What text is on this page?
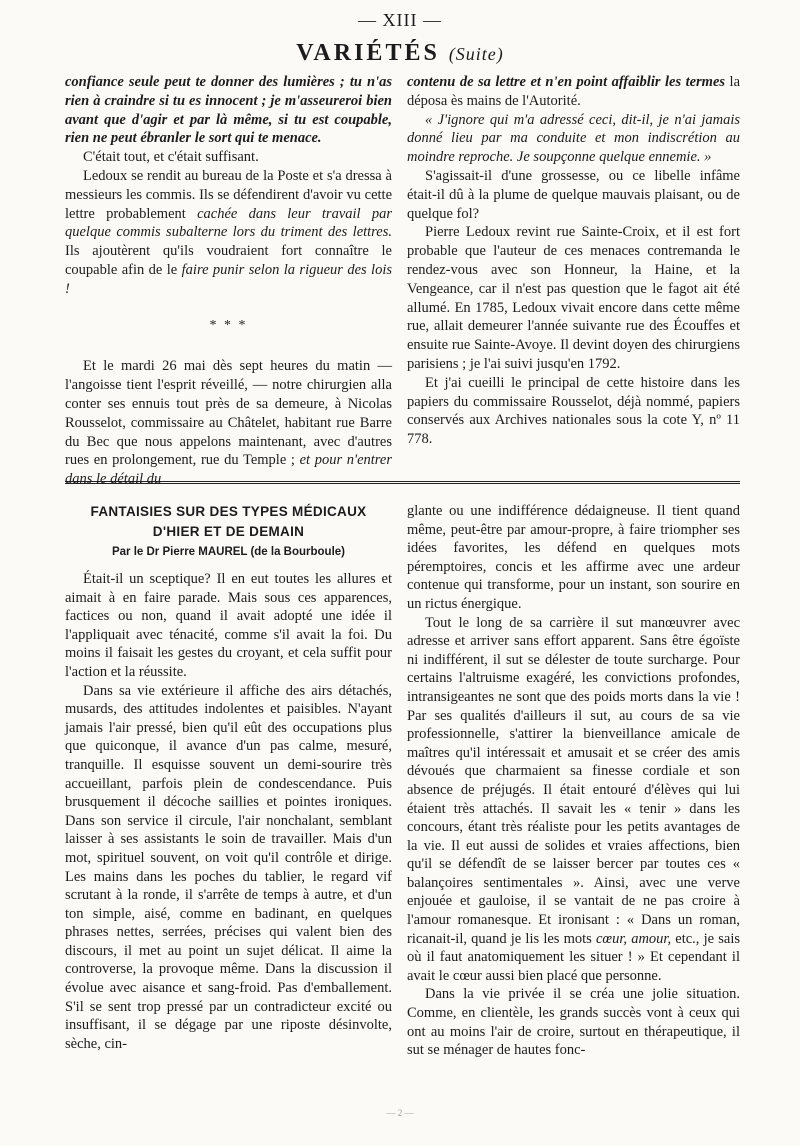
— XIII —
VARIÉTÉS (Suite)

confiance seule peut te donner des lumières ; tu n'as rien à craindre si tu es innocent ; je m'asseureroi bien avant que d'agir et par là même, si tu est coupable, rien ne peut ébranler le sort qui te menace.

C'était tout, et c'était suffisant.

Ledoux se rendit au bureau de la Poste et s'a dressa à messieurs les commis. Ils se défendirent d'avoir vu cette lettre probablement cachée dans leur travail par quelque commis subalterne lors du triment des lettres. Ils ajoutèrent qu'ils voudraient fort connaître le coupable afin de le faire punir selon la rigueur des lois !

* * *

Et le mardi 26 mai dès sept heures du matin — l'angoisse tient l'esprit réveillé, — notre chirurgien alla conter ses ennuis tout près de sa demeure, à Nicolas Rousselot, commissaire au Châtelet, habitant rue Barre du Bec que nous appelons maintenant, avec d'autres rues en prolongement, rue du Temple ; et pour n'entrer dans le détail du

contenu de sa lettre et n'en point affaiblir les termes la déposa ès mains de l'Autorité.

« J'ignore qui m'a adressé ceci, dit-il, je n'ai jamais donné lieu par ma conduite et mon indiscrétion au moindre reproche. Je soupçonne quelque ennemie. »

S'agissait-il d'une grossesse, ou ce libelle infâme était-il dû à la plume de quelque mauvais plaisant, ou de quelque fol?

Pierre Ledoux revint rue Sainte-Croix, et il est fort probable que l'auteur de ces menaces contremanda le rendez-vous avec son Honneur, la Haine, et la Vengeance, car il n'est pas question que le fagot ait été allumé. En 1785, Ledoux vivait encore dans cette même rue, allait demeurer l'année suivante rue des Écouffes et ensuite rue Sainte-Avoye. Il devint doyen des chirurgiens parisiens ; je l'ai suivi jusqu'en 1792.

Et j'ai cueilli le principal de cette histoire dans les papiers du commissaire Rousselot, déjà nommé, papiers conservés aux Archives nationales sous la cote Y, nº 11 778.

FANTAISIES SUR DES TYPES MÉDICAUX
D'HIER ET DE DEMAIN
Par le Dr Pierre MAUREL (de la Bourboule)

Était-il un sceptique? Il en eut toutes les allures et aimait à en faire parade. Mais sous ces apparences, factices ou non, quand il avait adopté une idée il l'appliquait avec ténacité, comme s'il avait la foi. Du moins il faisait les gestes du croyant, et cela suffit pour l'action et la réussite.

Dans sa vie extérieure il affiche des airs détachés, musards, des attitudes indolentes et paisibles. N'ayant jamais l'air pressé, bien qu'il eût des occupations plus que quiconque, il avance d'un pas calme, mesuré, tranquille. Il esquisse souvent un demi-sourire très accueillant, parfois plein de condescendance. Puis brusquement il décoche saillies et pointes ironiques. Dans son service il circule, l'air nonchalant, semblant laisser à ses assistants le soin de travailler. Mais d'un mot, spirituel souvent, on voit qu'il contrôle et dirige. Les mains dans les poches du tablier, le regard vif scrutant à la ronde, il s'arrête de temps à autre, et d'un ton simple, aisé, comme en badinant, en quelques phrases nettes, serrées, précises qui valent bien des discours, il met au point un sujet délicat. Il aime la controverse, la provoque même. Dans la discussion il évolue avec aisance et sang-froid. Pas d'emballement. S'il se sent trop pressé par un contradicteur excité ou insuffisant, il se dégage par une riposte désinvolte, sèche, cin-

glante ou une indifférence dédaigneuse. Il tient quand même, peut-être par amour-propre, à faire triompher ses idées favorites, les défend en quelques mots péremptoires, concis et les affirme avec une ardeur contenue qui transforme, pour un instant, son sourire en un rictus énergique.

Tout le long de sa carrière il sut manœuvrer avec adresse et arriver sans effort apparent. Sans être égoïste ni indifférent, il sut se délester de toute surcharge. Pour certains l'altruisme exagéré, les convictions profondes, intransigeantes ne sont que des poids morts dans la vie ! Par ses qualités d'ailleurs il sut, au cours de sa vie professionnelle, s'attirer la bienveillance amicale de maîtres qu'il intéressait et amusait et se créer des amis dévoués que charmaient sa finesse cordiale et son absence de préjugés. Il était entouré d'élèves qui lui étaient très attachés. Il savait les « tenir » dans les concours, étant très réaliste pour les petits avantages de la vie. Il eut aussi de solides et vraies affections, bien qu'il se défendît de se laisser bercer par toutes ces « balançoires sentimentales ». Ainsi, avec une verve enjouée et gauloise, il se vantait de ne pas croire à l'amour romanesque. Et ironisant : « Dans un roman, ricanait-il, quand je lis les mots cœur, amour, etc., je sais où il faut anatomiquement les situer ! » Et cependant il avait le cœur aussi bien placé que personne.

Dans la vie privée il se créa une jolie situation. Comme, en clientèle, les grands succès vont à ceux qui ont au moins l'air de croire, surtout en thérapeutique, il sut se ménager de hautes fonc-

— 2 —
